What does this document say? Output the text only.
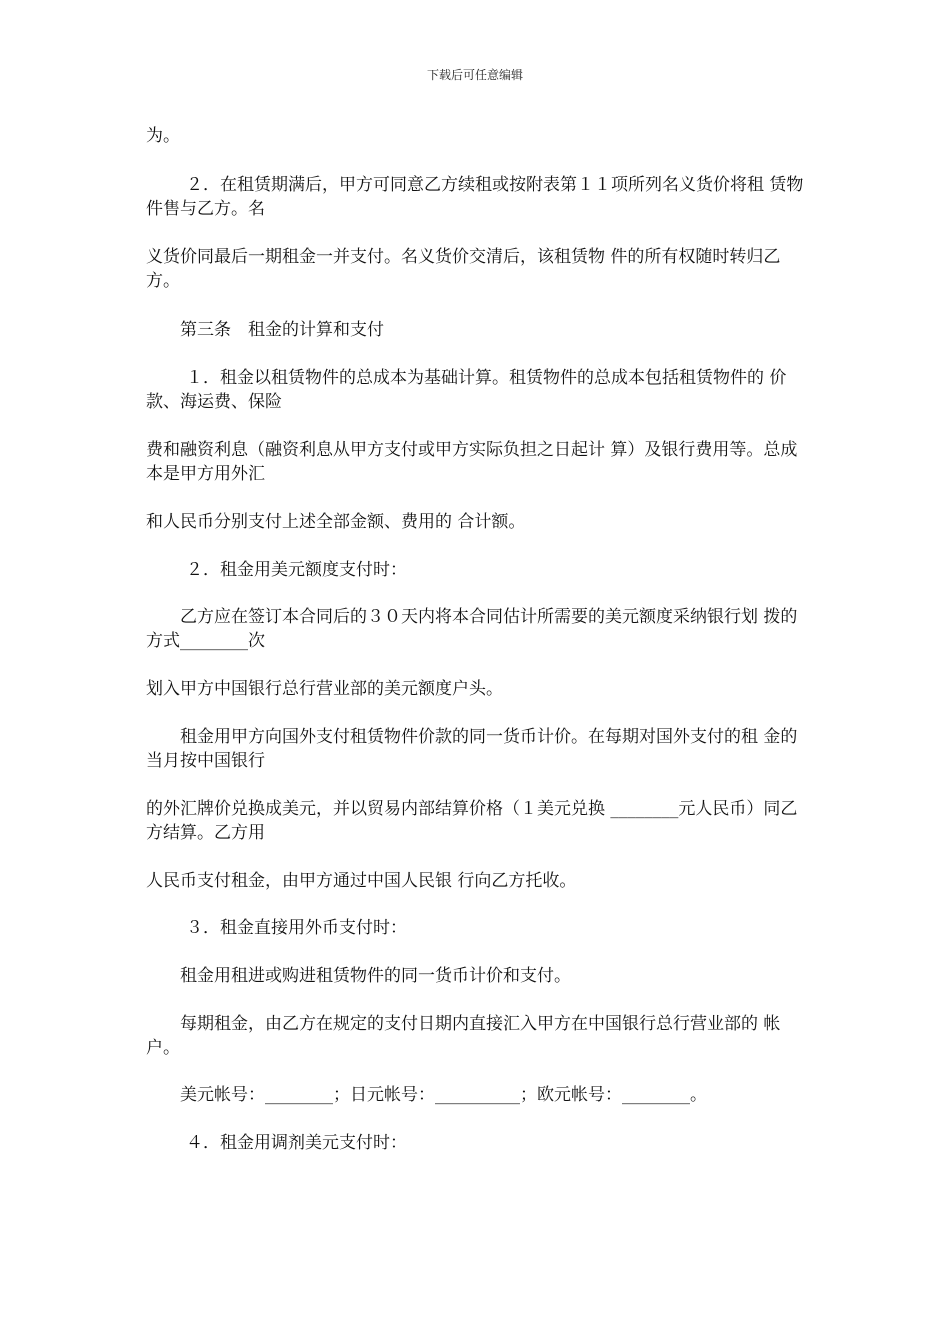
下载后可任意编辑
为。
２．在租赁期满后，甲方可同意乙方续租或按附表第１１项所列名义货价将租 赁物件售与乙方。名
义货价同最后一期租金一并支付。名义货价交清后，该租赁物 件的所有权随时转归乙方。
第三条　租金的计算和支付
１．租金以租赁物件的总成本为基础计算。租赁物件的总成本包括租赁物件的 价款、海运费、保险
费和融资利息（融资利息从甲方支付或甲方实际负担之日起计 算）及银行费用等。总成本是甲方用外汇
和人民币分别支付上述全部金额、费用的 合计额。
２．租金用美元额度支付时：
乙方应在签订本合同后的３０天内将本合同估计所需要的美元额度采纳银行划 拨的方式________次
划入甲方中国银行总行营业部的美元额度户头。
租金用甲方向国外支付租赁物件价款的同一货币计价。在每期对国外支付的租 金的当月按中国银行
的外汇牌价兑换成美元，并以贸易内部结算价格（１美元兑换 ________元人民币）同乙方结算。乙方用
人民币支付租金，由甲方通过中国人民银 行向乙方托收。
３．租金直接用外币支付时：
租金用租进或购进租赁物件的同一货币计价和支付。
每期租金，由乙方在规定的支付日期内直接汇入甲方在中国银行总行营业部的 帐户。
美元帐号：________；日元帐号：__________；欧元帐号：________。
４．租金用调剂美元支付时：
